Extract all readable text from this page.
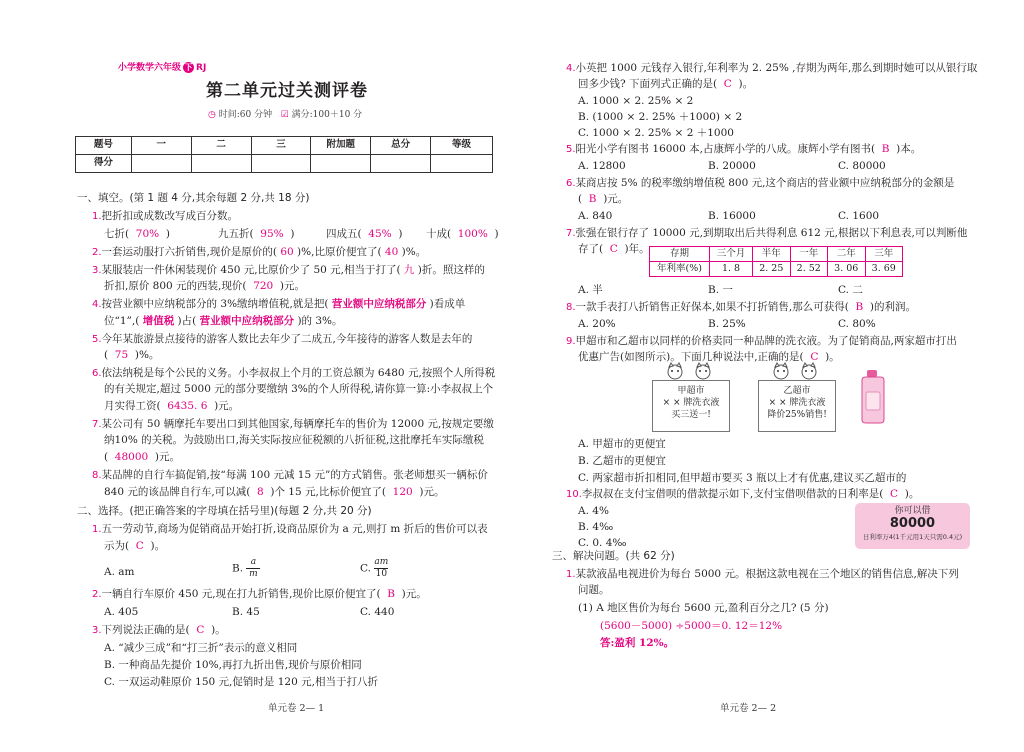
小学数学六年级 下 RJ
第二单元过关测评卷
◷ 时间:60 分钟 ☑ 满分:100＋10 分
题号	一	二	三	附加题	总分	等级
得分						
一、填空。(第 1 题 4 分,其余每题 2 分,共 18 分)
1.把折扣或成数改写成百分数。
七折( 70% )	九五折( 95% )	四成五( 45% ) 十成( 100% )
2.一套运动服打六折销售,现价是原价的( 60 )%,比原价便宜了( 40 )%。
3.某服装店一件休闲装现价 450 元,比原价少了 50 元,相当于打了( 九 )折。照这样的
折扣,原价 800 元的西装,现价( 720 )元。
4.按营业额中应纳税部分的 3%缴纳增值税,就是把( 营业额中应纳税部分 )看成单
位“1”,( 增值税 )占( 营业额中应纳税部分 )的 3%。
5.今年某旅游景点接待的游客人数比去年少了二成五,今年接待的游客人数是去年的
( 75 )%。
6.依法纳税是每个公民的义务。小李叔叔上个月的工资总额为 6480 元,按照个人所得税
的有关规定,超过 5000 元的部分要缴纳 3%的个人所得税,请你算一算:小李叔叔上个
月实得工资( 6435. 6 )元。
7.某公司有 50 辆摩托车要出口到其他国家,每辆摩托车的售价为 12000 元,按规定要缴
纳10% 的关税。为鼓励出口,海关实际按应征税额的八折征税,这批摩托车实际缴税
( 48000 )元。
8.某品牌的自行车搞促销,按“每满 100 元减 15 元”的方式销售。张老师想买一辆标价
840 元的该品牌自行车,可以减( 8 )个 15 元,比标价便宜了( 120 )元。
二、选择。(把正确答案的字母填在括号里)(每题 2 分,共 20 分)
1.五一劳动节,商场为促销商品开始打折,设商品原价为 a 元,则打 m 折后的售价可以表
示为( C )。
A. am	B. $\frac{a}{m}$	C. $\frac{am}{10}$
2.一辆自行车原价 450 元,现在打九折销售,现价比原价便宜了( B )元。
A. 405	B. 45	C. 440
3.下列说法正确的是( C )。
A. “减少三成”和“打三折”表示的意义相同
B. 一种商品先提价 10%,再打九折出售,现价与原价相同
C. 一双运动鞋原价 150 元,促销时是 120 元,相当于打八折
单元卷 2— 1
4.小英把 1000 元钱存入银行,年利率为 2. 25% ,存期为两年,那么到期时她可以从银行取
回多少钱? 下面列式正确的是( C )。
A. 1000 × 2. 25% × 2
B. (1000 × 2. 25% ＋1000) × 2
C. 1000 × 2. 25% × 2 ＋1000
5.阳光小学有图书 16000 本,占康辉小学的八成。康辉小学有图书( B )本。
A. 12800	B. 20000	C. 80000
6.某商店按 5% 的税率缴纳增值税 800 元,这个商店的营业额中应纳税部分的金额是
( B )元。
A. 840	B. 16000	C. 1600
7.张强在银行存了 10000 元,到期取出后共得利息 612 元,根据以下利息表,可以判断他
存了( C )年。 存期	三个月	半年	一年	二年	三年
年利率(%)	1. 8	2. 25	2. 52	3. 06	3. 69
A. 半	B. 一	C. 二
8.一款手表打八折销售正好保本,如果不打折销售,那么可获得( B )的利润。
A. 20%	B. 25%	C. 80%
9.甲超市和乙超市以同样的价格卖同一种品牌的洗衣液。为了促销商品,两家超市打出
优惠广告(如图所示)。下面几种说法中,正确的是( C )。
甲超市
× × 牌洗衣液
买三送一!
乙超市
× × 牌洗衣液
降价25%销售!
A. 甲超市的更便宜
B. 乙超市的更便宜
C. 两家超市折扣相同,但甲超市要买 3 瓶以上才有优惠,建议买乙超市的
10.李叔叔在支付宝借呗的借款提示如下,支付宝借呗借款的日利率是( C )。
A. 4%
B. 4‰
C. 0. 4‰
你可以借
80000
日利率万4(1千元用1天只需0.4元)
三、解决问题。(共 62 分)
1.某款液晶电视进价为每台 5000 元。根据这款电视在三个地区的销售信息,解决下列
问题。
(1) A 地区售价为每台 5600 元,盈利百分之几? (5 分)
(5600－5000) ÷5000＝0. 12＝12%
答:盈利 12%。
单元卷 2— 2
